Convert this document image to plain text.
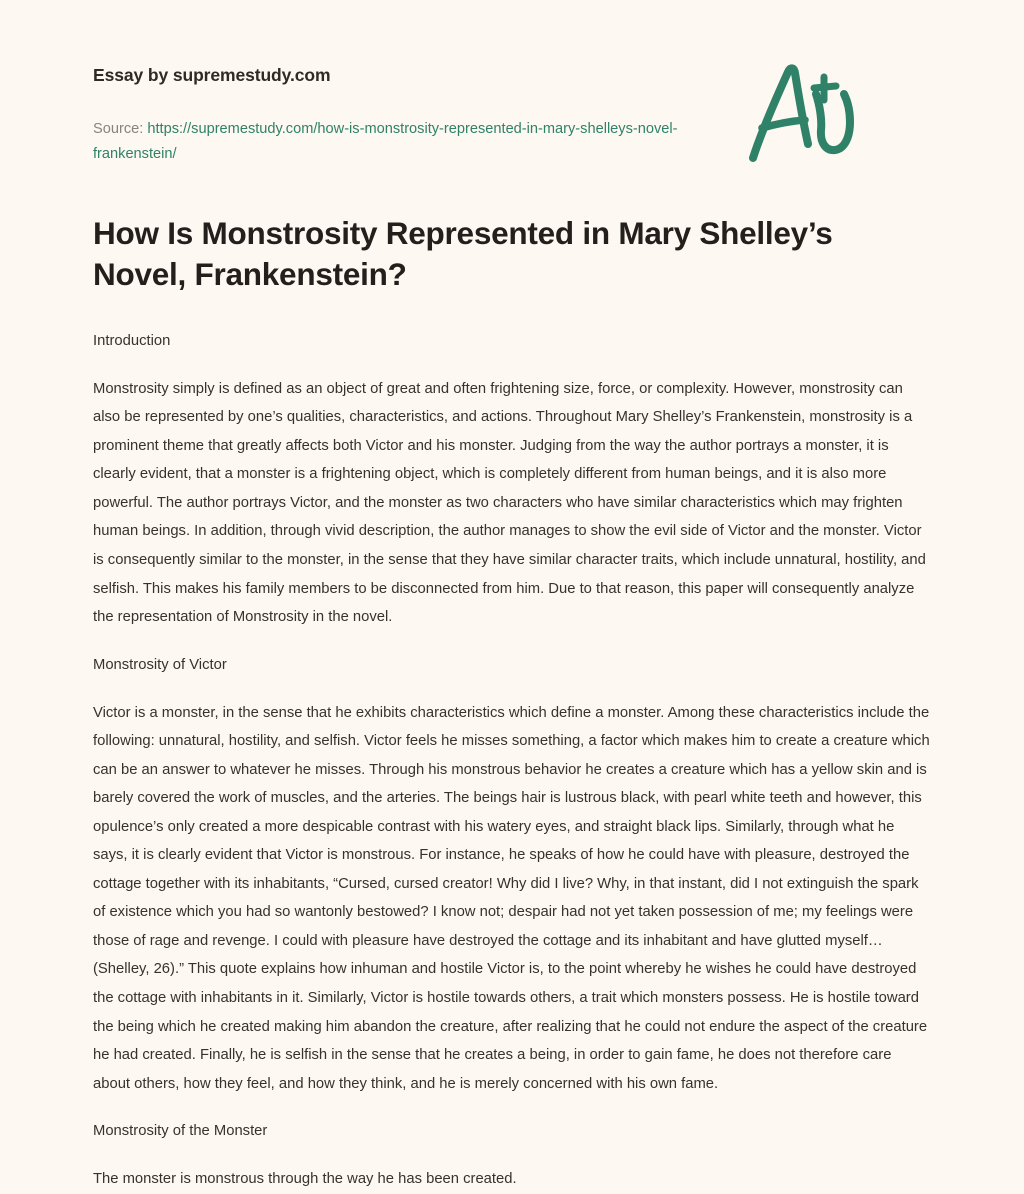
Essay by supremestudy.com
Source: https://supremestudy.com/how-is-monstrosity-represented-in-mary-shelleys-novel-frankenstein/
How Is Monstrosity Represented in Mary Shelley’s Novel, Frankenstein?
Introduction

Monstrosity simply is defined as an object of great and often frightening size, force, or complexity. However, monstrosity can also be represented by one’s qualities, characteristics, and actions. Throughout Mary Shelley’s Frankenstein, monstrosity is a prominent theme that greatly affects both Victor and his monster. Judging from the way the author portrays a monster, it is clearly evident, that a monster is a frightening object, which is completely different from human beings, and it is also more powerful. The author portrays Victor, and the monster as two characters who have similar characteristics which may frighten human beings. In addition, through vivid description, the author manages to show the evil side of Victor and the monster. Victor is consequently similar to the monster, in the sense that they have similar character traits, which include unnatural, hostility, and selfish. This makes his family members to be disconnected from him. Due to that reason, this paper will consequently analyze the representation of Monstrosity in the novel.

Monstrosity of Victor

Victor is a monster, in the sense that he exhibits characteristics which define a monster. Among these characteristics include the following: unnatural, hostility, and selfish. Victor feels he misses something, a factor which makes him to create a creature which can be an answer to whatever he misses. Through his monstrous behavior he creates a creature which has a yellow skin and is barely covered the work of muscles, and the arteries. The beings hair is lustrous black, with pearl white teeth and however, this opulence’s only created a more despicable contrast with his watery eyes, and straight black lips. Similarly, through what he says, it is clearly evident that Victor is monstrous. For instance, he speaks of how he could have with pleasure, destroyed the cottage together with its inhabitants, “Cursed, cursed creator! Why did I live? Why, in that instant, did I not extinguish the spark of existence which you had so wantonly bestowed? I know not; despair had not yet taken possession of me; my feelings were those of rage and revenge. I could with pleasure have destroyed the cottage and its inhabitant and have glutted myself… (Shelley, 26).” This quote explains how inhuman and hostile Victor is, to the point whereby he wishes he could have destroyed the cottage with inhabitants in it. Similarly, Victor is hostile towards others, a trait which monsters possess. He is hostile toward the being which he created making him abandon the creature, after realizing that he could not endure the aspect of the creature he had created. Finally, he is selfish in the sense that he creates a being, in order to gain fame, he does not therefore care about others, how they feel, and how they think, and he is merely concerned with his own fame.

Monstrosity of the Monster

The monster is monstrous through the way he has been created.
